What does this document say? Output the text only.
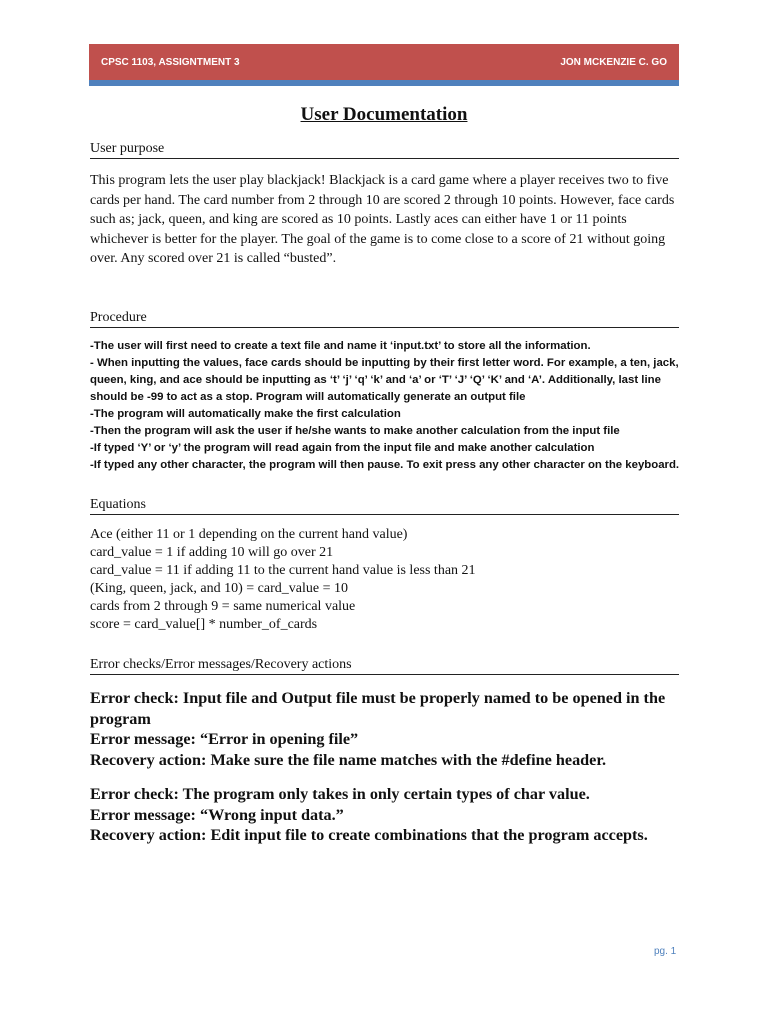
CPSC 1103, ASSIGNTMENT 3	JON MCKENZIE C. GO
User Documentation
User purpose

This program lets the user play blackjack! Blackjack is a card game where a player receives two to five cards per hand. The card number from 2 through 10 are scored 2 through 10 points. However, face cards such as; jack, queen, and king are scored as 10 points. Lastly aces can either have 1 or 11 points whichever is better for the player. The goal of the game is to come close to a score of 21 without going over. Any scored over 21 is called “busted”.

Procedure
-The user will first need to create a text file and name it ‘input.txt’ to store all the information.
- When inputting the values, face cards should be inputting by their first letter word. For example, a ten, jack, queen, king, and ace should be inputting as ‘t’ ‘j’ ‘q’ ‘k’ and ‘a’ or ‘T’ ‘J’ ‘Q’ ‘K’ and ‘A’. Additionally, last line should be -99 to act as a stop. Program will automatically generate an output file
-The program will automatically make the first calculation
-Then the program will ask the user if he/she wants to make another calculation from the input file
-If typed ‘Y’ or ‘y’ the program will read again from the input file and make another calculation
-If typed any other character, the program will then pause. To exit press any other character on the keyboard.
Equations
Ace (either 11 or 1 depending on the current hand value)
card_value = 1 if adding 10 will go over 21
card_value = 11 if adding 11 to the current hand value is less than 21
(King, queen, jack, and 10) = card_value = 10
cards from 2 through 9 = same numerical value
score = card_value[] * number_of_cards
Error checks/Error messages/Recovery actions
Error check: Input file and Output file must be properly named to be opened in the program
Error message: “Error in opening file”
Recovery action: Make sure the file name matches with the #define header.
Error check: The program only takes in only certain types of char value.
Error message: “Wrong input data.”
Recovery action: Edit input file to create combinations that the program accepts.
pg. 1
